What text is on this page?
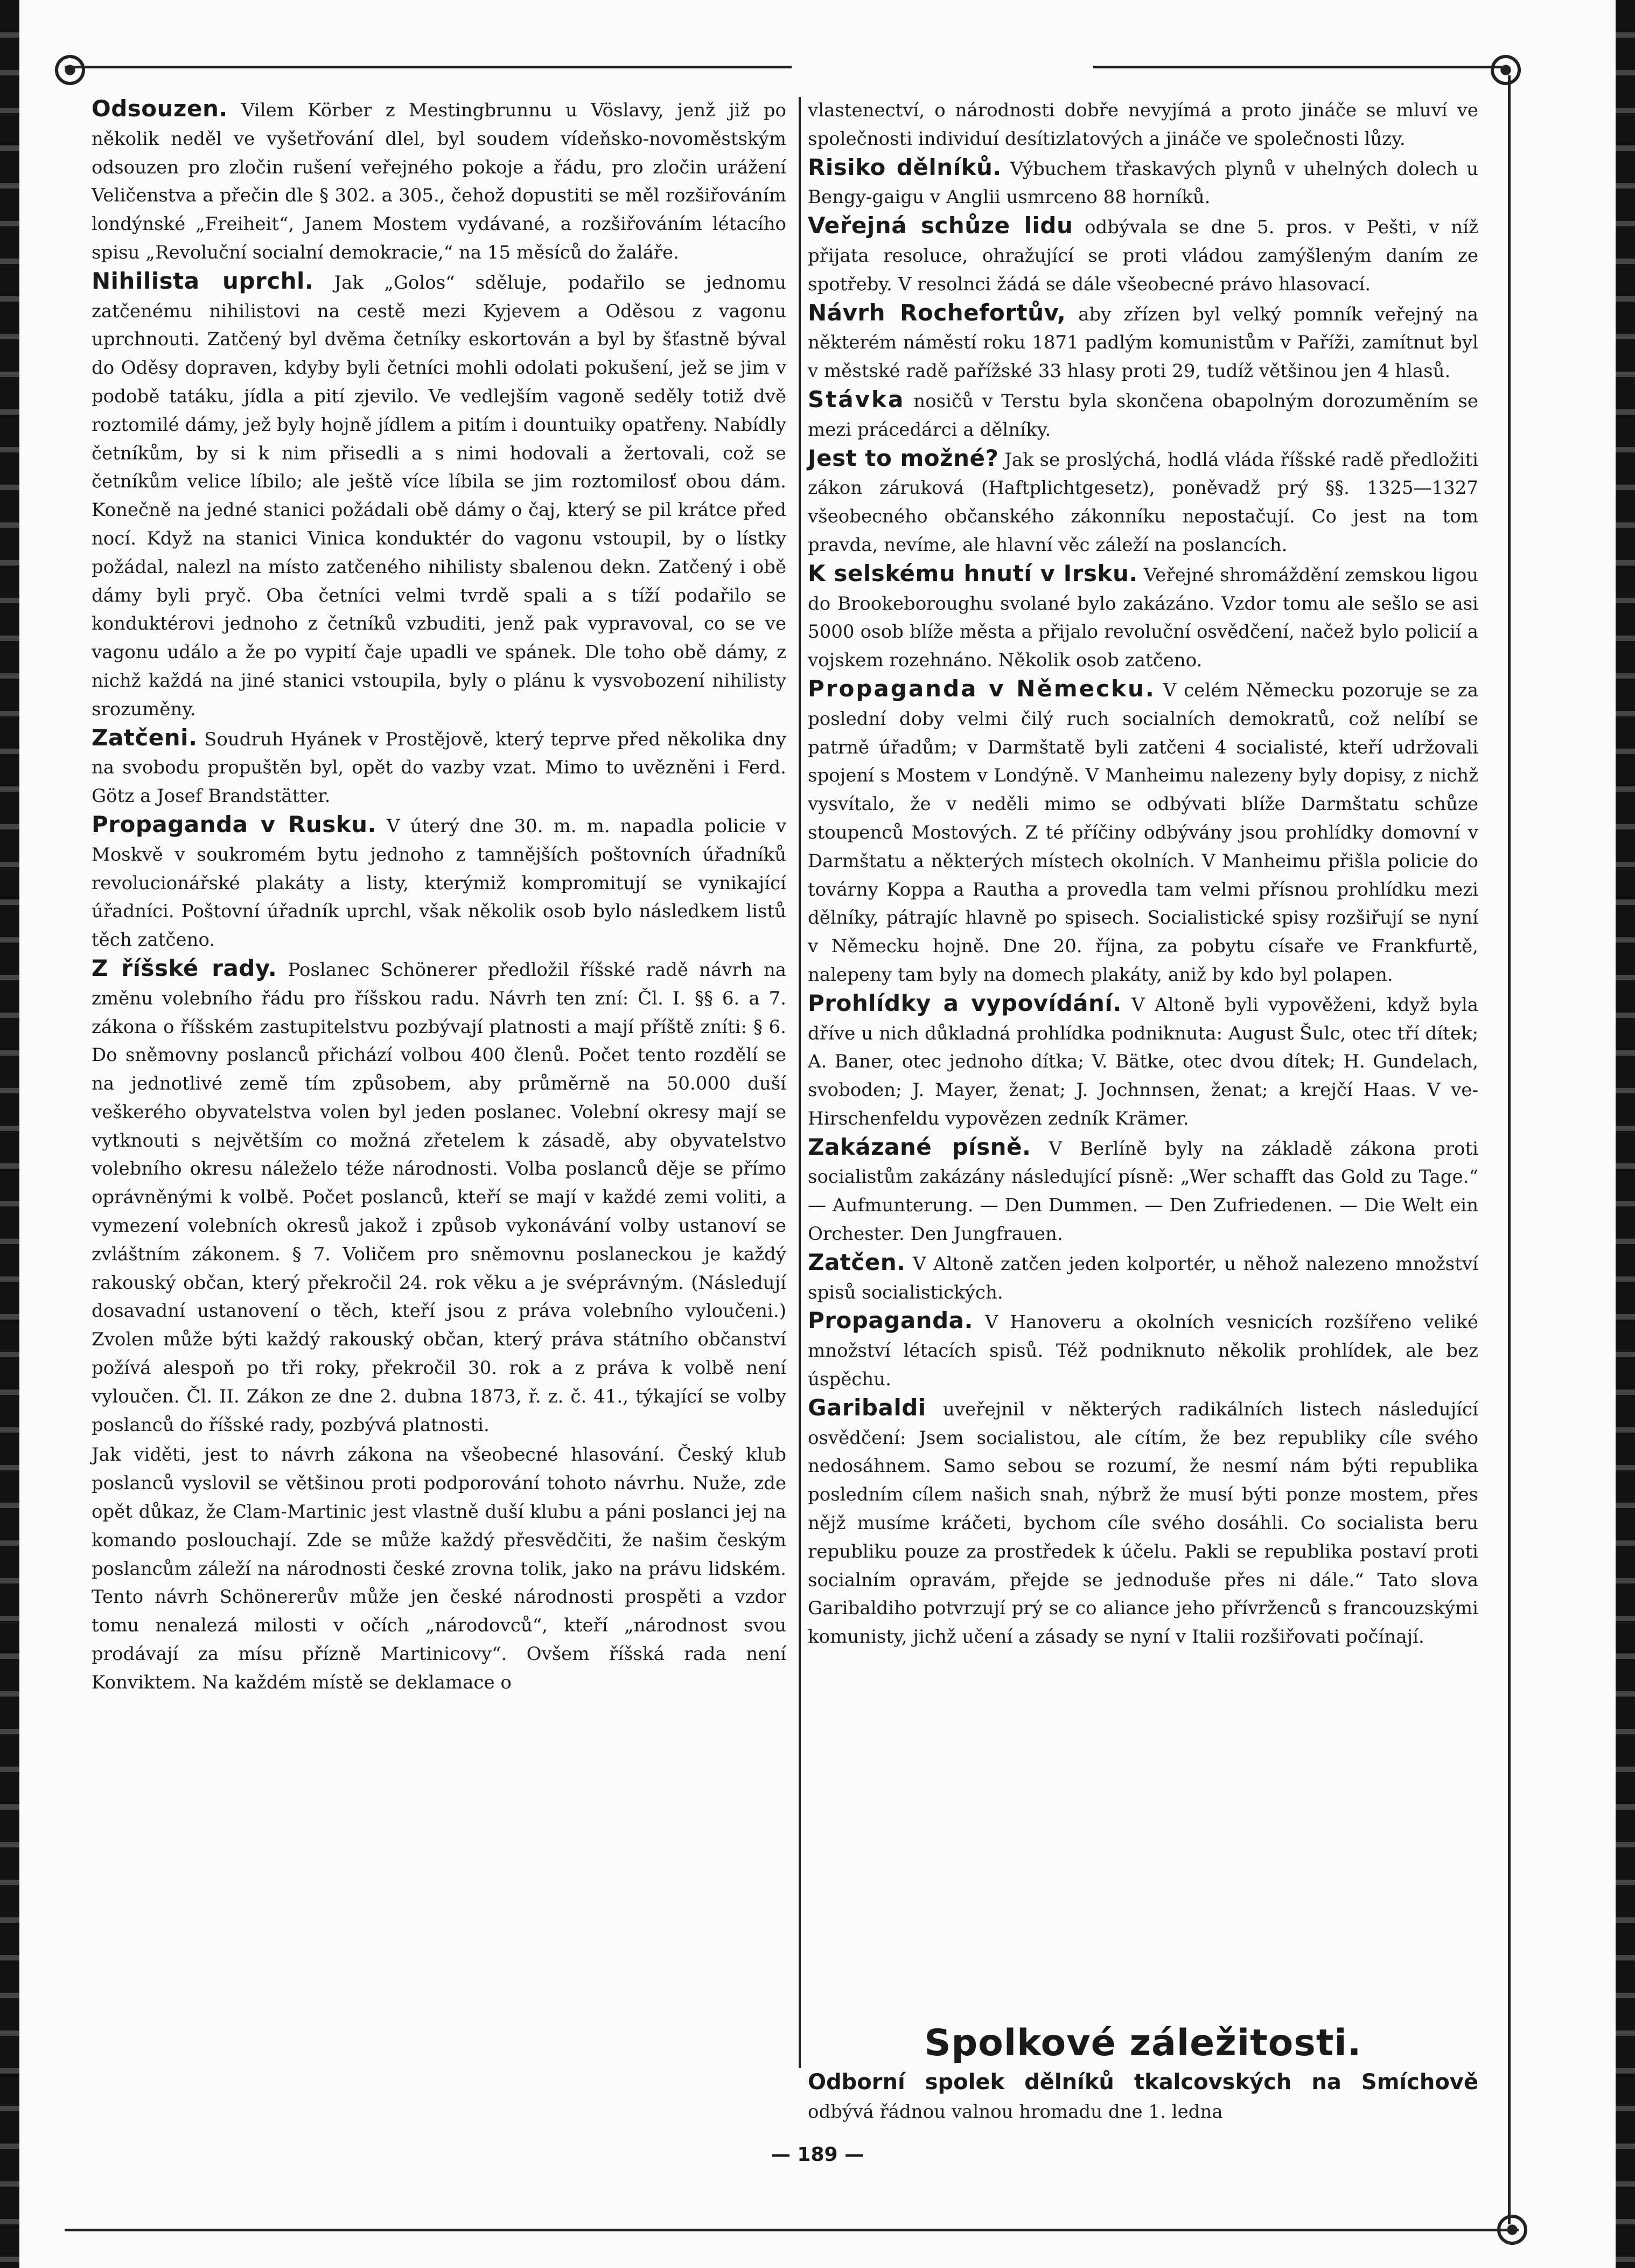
Odsouzen. Vilem Körber z Mestingbrunnu u Vöslavy, jenž již po několik neděl ve vyšetřování dlel, byl soudem vídeňsko-novoměstským odsouzen pro zločin rušení veřejného pokoje a řádu, pro zločin urážení Veličenstva a přečin dle § 302. a 305., čehož dopustiti se měl rozšiřováním londýnské „Freiheit“, Janem Mostem vydávané, a rozšiřováním létacího spisu „Revoluční socialní demokracie,“ na 15 měsíců do žaláře.

Nihilista uprchl. Jak „Golos“ sděluje, podařilo se jednomu zatčenému nihilistovi na cestě mezi Kyjevem a Oděsou z vagonu uprchnouti. Zatčený byl dvěma četníky eskortován a byl by šťastně býval do Oděsy dopraven, kdyby byli četníci mohli odolati pokušení, jež se jim v podobě tatáku, jídla a pití zjevilo. Ve vedlejším vagoně seděly totiž dvě roztomilé dámy, jež byly hojně jídlem a pitím i dountuiky opatřeny. Nabídly četníkům, by si k nim přisedli a s nimi hodovali a žertovali, což se četníkům velice líbilo; ale ještě více líbila se jim roztomilosť obou dám. Konečně na jedné stanici požádali obě dámy o čaj, který se pil krátce před nocí. Když na stanici Vinica konduktér do vagonu vstoupil, by o lístky požádal, nalezl na místo zatčeného nihilisty sbalenou dekn. Zatčený i obě dámy byli pryč. Oba četníci velmi tvrdě spali a s tíží podařilo se konduktérovi jednoho z četníků vzbuditi, jenž pak vypravoval, co se ve vagonu událo a že po vypití čaje upadli ve spánek. Dle toho obě dámy, z nichž každá na jiné stanici vstoupila, byly o plánu k vysvobození nihilisty srozuměny.

Zatčeni. Soudruh Hyánek v Prostějově, který teprve před několika dny na svobodu propuštěn byl, opět do vazby vzat. Mimo to uvězněni i Ferd. Götz a Josef Brandstätter.

Propaganda v Rusku. V úterý dne 30. m. m. napadla policie v Moskvě v soukromém bytu jednoho z tamnějších poštovních úřadníků revolucionářské plakáty a listy, kterýmiž kompromitují se vynikající úřadníci. Poštovní úřadník uprchl, však několik osob bylo následkem listů těch zatčeno.

Z říšské rady. Poslanec Schönerer předložil říšské radě návrh na změnu volebního řádu pro říšskou radu. Návrh ten zní: Čl. I. §§ 6. a 7. zákona o říšském zastupitelstvu pozbývají platnosti a mají příště zníti: § 6. Do sněmovny poslanců přichází volbou 400 členů. Počet tento rozdělí se na jednotlivé země tím způsobem, aby průměrně na 50.000 duší veškerého obyvatelstva volen byl jeden poslanec. Volební okresy mají se vytknouti s největším co možná zřetelem k zásadě, aby obyvatelstvo volebního okresu náleželo téže národnosti. Volba poslanců děje se přímo oprávněnými k volbě. Počet poslanců, kteří se mají v každé zemi voliti, a vymezení volebních okresů jakož i způsob vykonávání volby ustanoví se zvláštním zákonem. § 7. Voličem pro sněmovnu poslaneckou je každý rakouský občan, který překročil 24. rok věku a je svéprávným. (Následují dosavadní ustanovení o těch, kteří jsou z práva volebního vyloučeni.) Zvolen může býti každý rakouský občan, který práva státního občanství požívá alespoň po tři roky, překročil 30. rok a z práva k volbě není vyloučen. Čl. II. Zákon ze dne 2. dubna 1873, ř. z. č. 41., týkající se volby poslanců do říšské rady, pozbývá platnosti.

Jak viděti, jest to návrh zákona na všeobecné hlasování. Český klub poslanců vyslovil se většinou proti podporování tohoto návrhu. Nuže, zde opět důkaz, že Clam-Martinic jest vlastně duší klubu a páni poslanci jej na komando poslouchají. Zde se může každý přesvědčiti, že našim českým poslancům záleží na národnosti české zrovna tolik, jako na právu lidském. Tento návrh Schönererův může jen české národnosti prospěti a vzdor tomu nenalezá milosti v očích „národovců“, kteří „národnost svou prodávají za mísu přízně Martinicovy“. Ovšem říšská rada není Konviktem. Na každém místě se deklamace o

vlastenectví, o národnosti dobře nevyjímá a proto jináče se mluví ve společnosti individuí desítizlatových a jináče ve společnosti lůzy.

Risiko dělníků. Výbuchem třaskavých plynů v uhelných dolech u Bengy-gaigu v Anglii usmrceno 88 horníků.

Veřejná schůze lidu odbývala se dne 5. pros. v Pešti, v níž přijata resoluce, ohražující se proti vládou zamýšleným daním ze spotřeby. V resolnci žádá se dále všeobecné právo hlasovací.

Návrh Rochefortův, aby zřízen byl velký pomník veřejný na některém náměstí roku 1871 padlým komunistům v Paříži, zamítnut byl v městské radě pařížské 33 hlasy proti 29, tudíž většinou jen 4 hlasů.

Stávka nosičů v Terstu byla skončena obapolným dorozuměním se mezi prácedárci a dělníky.

Jest to možné? Jak se proslýchá, hodlá vláda říšské radě předložiti zákon záruková (Haftplichtgesetz), poněvadž prý §§. 1325—1327 všeobecného občanského zákonníku nepostačují. Co jest na tom pravda, nevíme, ale hlavní věc záleží na poslancích.

K selskému hnutí v Irsku. Veřejné shromáždění zemskou ligou do Brookeboroughu svolané bylo zakázáno. Vzdor tomu ale sešlo se asi 5000 osob blíže města a přijalo revoluční osvědčení, načež bylo policií a vojskem rozehnáno. Několik osob zatčeno.

Propaganda v Německu. V celém Německu pozoruje se za poslední doby velmi čilý ruch socialních demokratů, což nelíbí se patrně úřadům; v Darmštatě byli zatčeni 4 socialisté, kteří udržovali spojení s Mostem v Londýně. V Manheimu nalezeny byly dopisy, z nichž vysvítalo, že v neděli mimo se odbývati blíže Darmštatu schůze stoupenců Mostových. Z té příčiny odbývány jsou prohlídky domovní v Darmštatu a některých místech okolních. V Manheimu přišla policie do továrny Koppa a Rautha a provedla tam velmi přísnou prohlídku mezi dělníky, pátrajíc hlavně po spisech. Socialistické spisy rozšiřují se nyní v Německu hojně. Dne 20. října, za pobytu císaře ve Frankfurtě, nalepeny tam byly na domech plakáty, aniž by kdo byl polapen.

Prohlídky a vypovídání. V Altoně byli vypověženi, když byla dříve u nich důkladná prohlídka podniknuta: August Šulc, otec tří dítek; A. Baner, otec jednoho dítka; V. Bätke, otec dvou dítek; H. Gundelach, svoboden; J. Mayer, ženat; J. Jochnnsen, ženat; a krejčí Haas. V ve-Hirschenfeldu vypovězen zedník Krämer.

Zakázané písně. V Berlíně byly na základě zákona proti socialistům zakázány následující písně: „Wer schafft das Gold zu Tage.“ — Aufmunterung. — Den Dummen. — Den Zufriedenen. — Die Welt ein Orchester. Den Jungfrauen.

Zatčen. V Altoně zatčen jeden kolportér, u něhož nalezeno množství spisů socialistických.

Propaganda. V Hanoveru a okolních vesnicích rozšířeno veliké množství létacích spisů. Též podniknuto několik prohlídek, ale bez úspěchu.

Garibaldi uveřejnil v některých radikálních listech následující osvědčení: Jsem socialistou, ale cítím, že bez republiky cíle svého nedosáhnem. Samo sebou se rozumí, že nesmí nám býti republika posledním cílem našich snah, nýbrž že musí býti ponze mostem, přes nějž musíme kráčeti, bychom cíle svého dosáhli. Co socialista beru republiku pouze za prostředek k účelu. Pakli se republika postaví proti socialním opravám, přejde se jednoduše přes ni dále.“ Tato slova Garibaldiho potvrzují prý se co aliance jeho přívrženců s francouzskými komunisty, jichž učení a zásady se nyní v Italii rozšiřovati počínají.

Spolkové záležitosti.
Odborní spolek dělníků tkalcovských na Smíchově odbývá řádnou valnou hromadu dne 1. ledna
— 189 —
